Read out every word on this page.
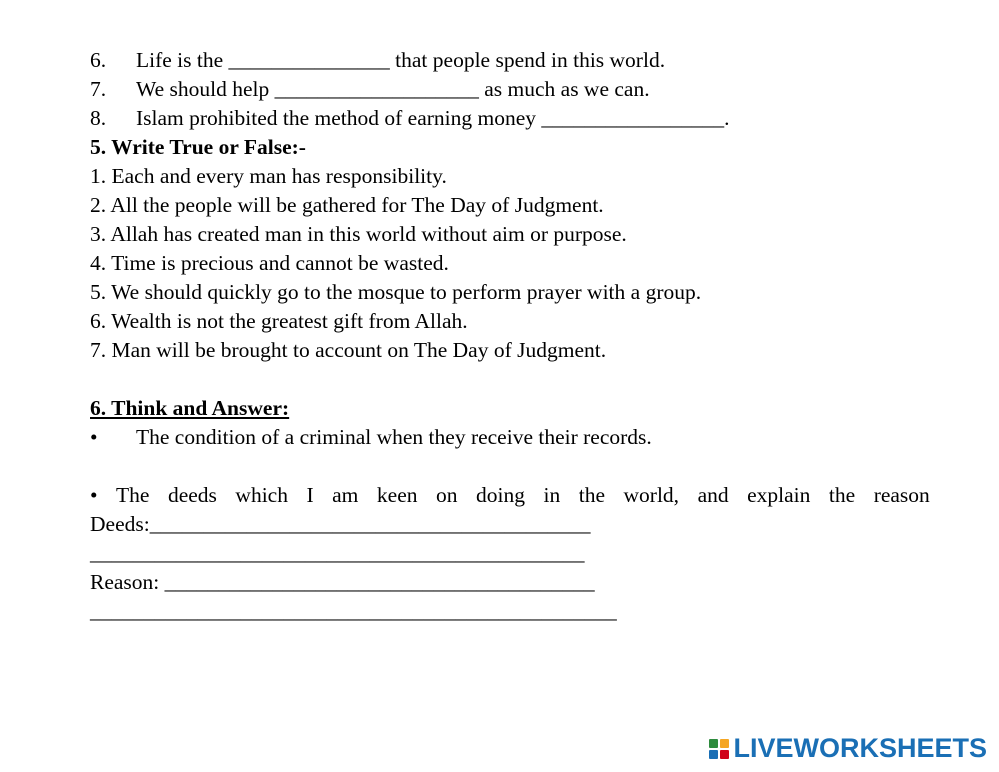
6. Life is the _______________ that people spend in this world.
7. We should help ___________________ as much as we can.
8. Islam prohibited the method of earning money _________________.
5. Write True or False:-
1. Each and every man has responsibility.
2. All the people will be gathered for The Day of Judgment.
3. Allah has created man in this world without aim or purpose.
4. Time is precious and cannot be wasted.
5. We should quickly go to the mosque to perform prayer with a group.
6. Wealth is not the greatest gift from Allah.
7. Man will be brought to account on The Day of Judgment.
6. Think and Answer:
• The condition of a criminal when they receive their records.
• The deeds which I am keen on doing in the world, and explain the reason
Deeds:_________________________________________
______________________________________________
Reason: ________________________________________
_________________________________________________
LIVEWORKSHEETS
